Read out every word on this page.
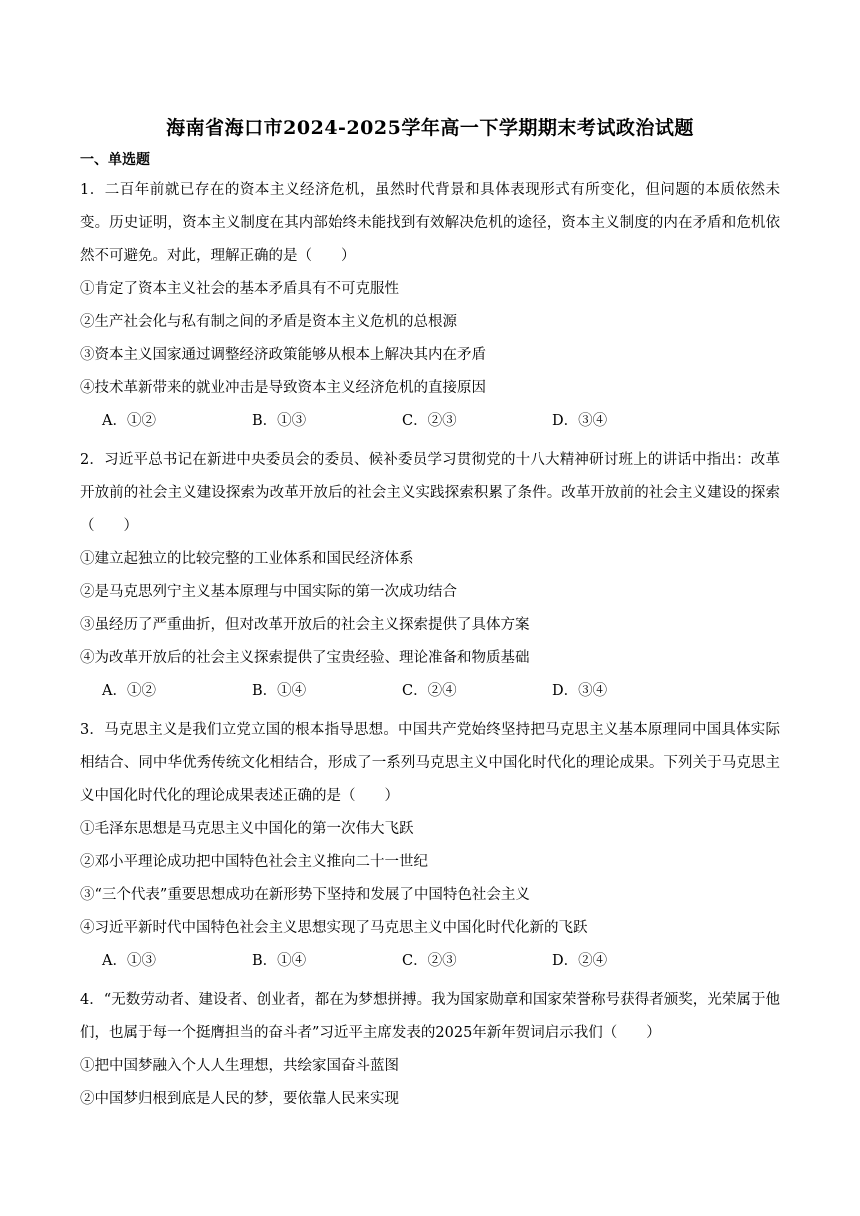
海南省海口市2024-2025学年高一下学期期末考试政治试题
一、单选题

1．二百年前就已存在的资本主义经济危机，虽然时代背景和具体表现形式有所变化，但问题的本质依然未变。历史证明，资本主义制度在其内部始终未能找到有效解决危机的途径，资本主义制度的内在矛盾和危机依然不可避免。对此，理解正确的是（　　）

①肯定了资本主义社会的基本矛盾具有不可克服性

②生产社会化与私有制之间的矛盾是资本主义危机的总根源

③资本主义国家通过调整经济政策能够从根本上解决其内在矛盾

④技术革新带来的就业冲击是导致资本主义经济危机的直接原因

A．①②	B．①③	C．②③	D．③④

2．习近平总书记在新进中央委员会的委员、候补委员学习贯彻党的十八大精神研讨班上的讲话中指出：改革开放前的社会主义建设探索为改革开放后的社会主义实践探索积累了条件。改革开放前的社会主义建设的探索（　　）

①建立起独立的比较完整的工业体系和国民经济体系

②是马克思列宁主义基本原理与中国实际的第一次成功结合

③虽经历了严重曲折，但对改革开放后的社会主义探索提供了具体方案

④为改革开放后的社会主义探索提供了宝贵经验、理论准备和物质基础

A．①②	B．①④	C．②④	D．③④

3．马克思主义是我们立党立国的根本指导思想。中国共产党始终坚持把马克思主义基本原理同中国具体实际相结合、同中华优秀传统文化相结合，形成了一系列马克思主义中国化时代化的理论成果。下列关于马克思主义中国化时代化的理论成果表述正确的是（　　）

①毛泽东思想是马克思主义中国化的第一次伟大飞跃

②邓小平理论成功把中国特色社会主义推向二十一世纪

③“三个代表”重要思想成功在新形势下坚持和发展了中国特色社会主义

④习近平新时代中国特色社会主义思想实现了马克思主义中国化时代化新的飞跃

A．①③	B．①④	C．②③	D．②④

4．“无数劳动者、建设者、创业者，都在为梦想拼搏。我为国家勋章和国家荣誉称号获得者颁奖，光荣属于他们，也属于每一个挺膺担当的奋斗者”习近平主席发表的2025年新年贺词启示我们（　　）

①把中国梦融入个人人生理想，共绘家国奋斗蓝图

②中国梦归根到底是人民的梦，要依靠人民来实现
